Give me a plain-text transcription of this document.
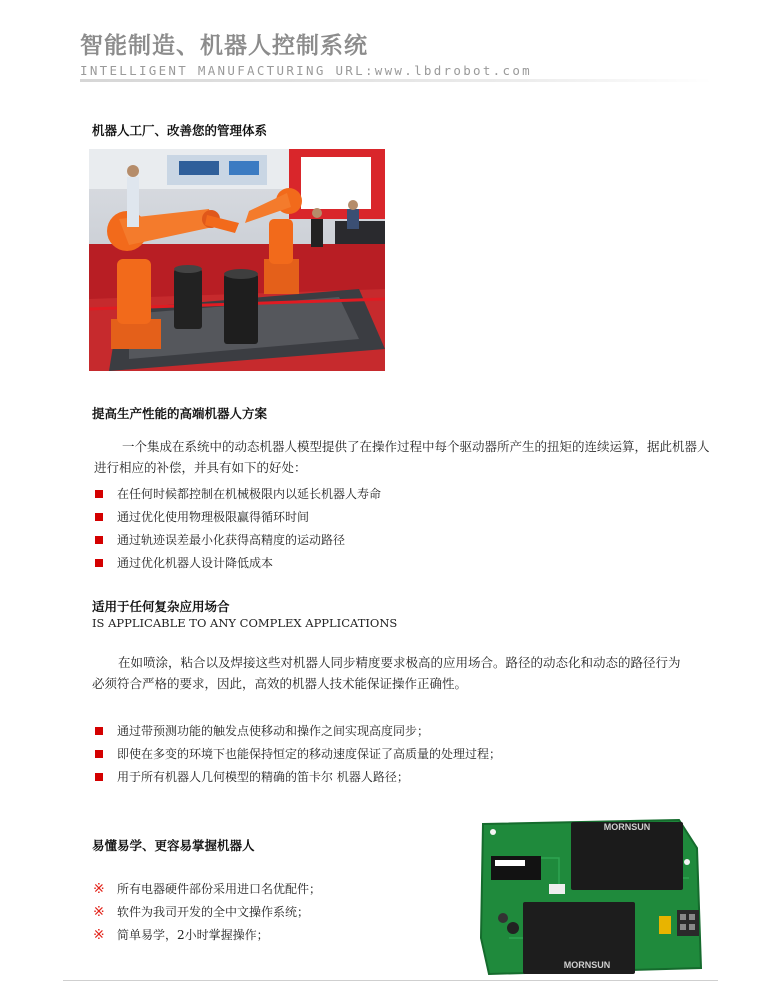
智能制造、机器人控制系统
INTELLIGENT MANUFACTURING URL:www.lbdrobot.com
机器人工厂、改善您的管理体系
提高生产性能的高端机器人方案
一个集成在系统中的动态机器人模型提供了在操作过程中每个驱动器所产生的扭矩的连续运算，据此机器人进行相应的补偿，并具有如下的好处：
在任何时候都控制在机械极限内以延长机器人寿命
通过优化使用物理极限赢得循环时间
通过轨迹误差最小化获得高精度的运动路径
通过优化机器人设计降低成本
适用于任何复杂应用场合
IS APPLICABLE TO ANY COMPLEX APPLICATIONS
在如喷涂，粘合以及焊接这些对机器人同步精度要求极高的应用场合。路径的动态化和动态的路径行为
必须符合严格的要求，因此，高效的机器人技术能保证操作正确性。
通过带预测功能的触发点使移动和操作之间实现高度同步；
即使在多变的环境下也能保持恒定的移动速度保证了高质量的处理过程；
用于所有机器人几何模型的精确的笛卡尔 机器人路径；
易懂易学、更容易掌握机器人
※ 所有电器硬件部份采用进口名优配件；
※ 软件为我司开发的全中文操作系统；
※ 简单易学，2小时掌握操作；
MORNSUN
MORNSUN
